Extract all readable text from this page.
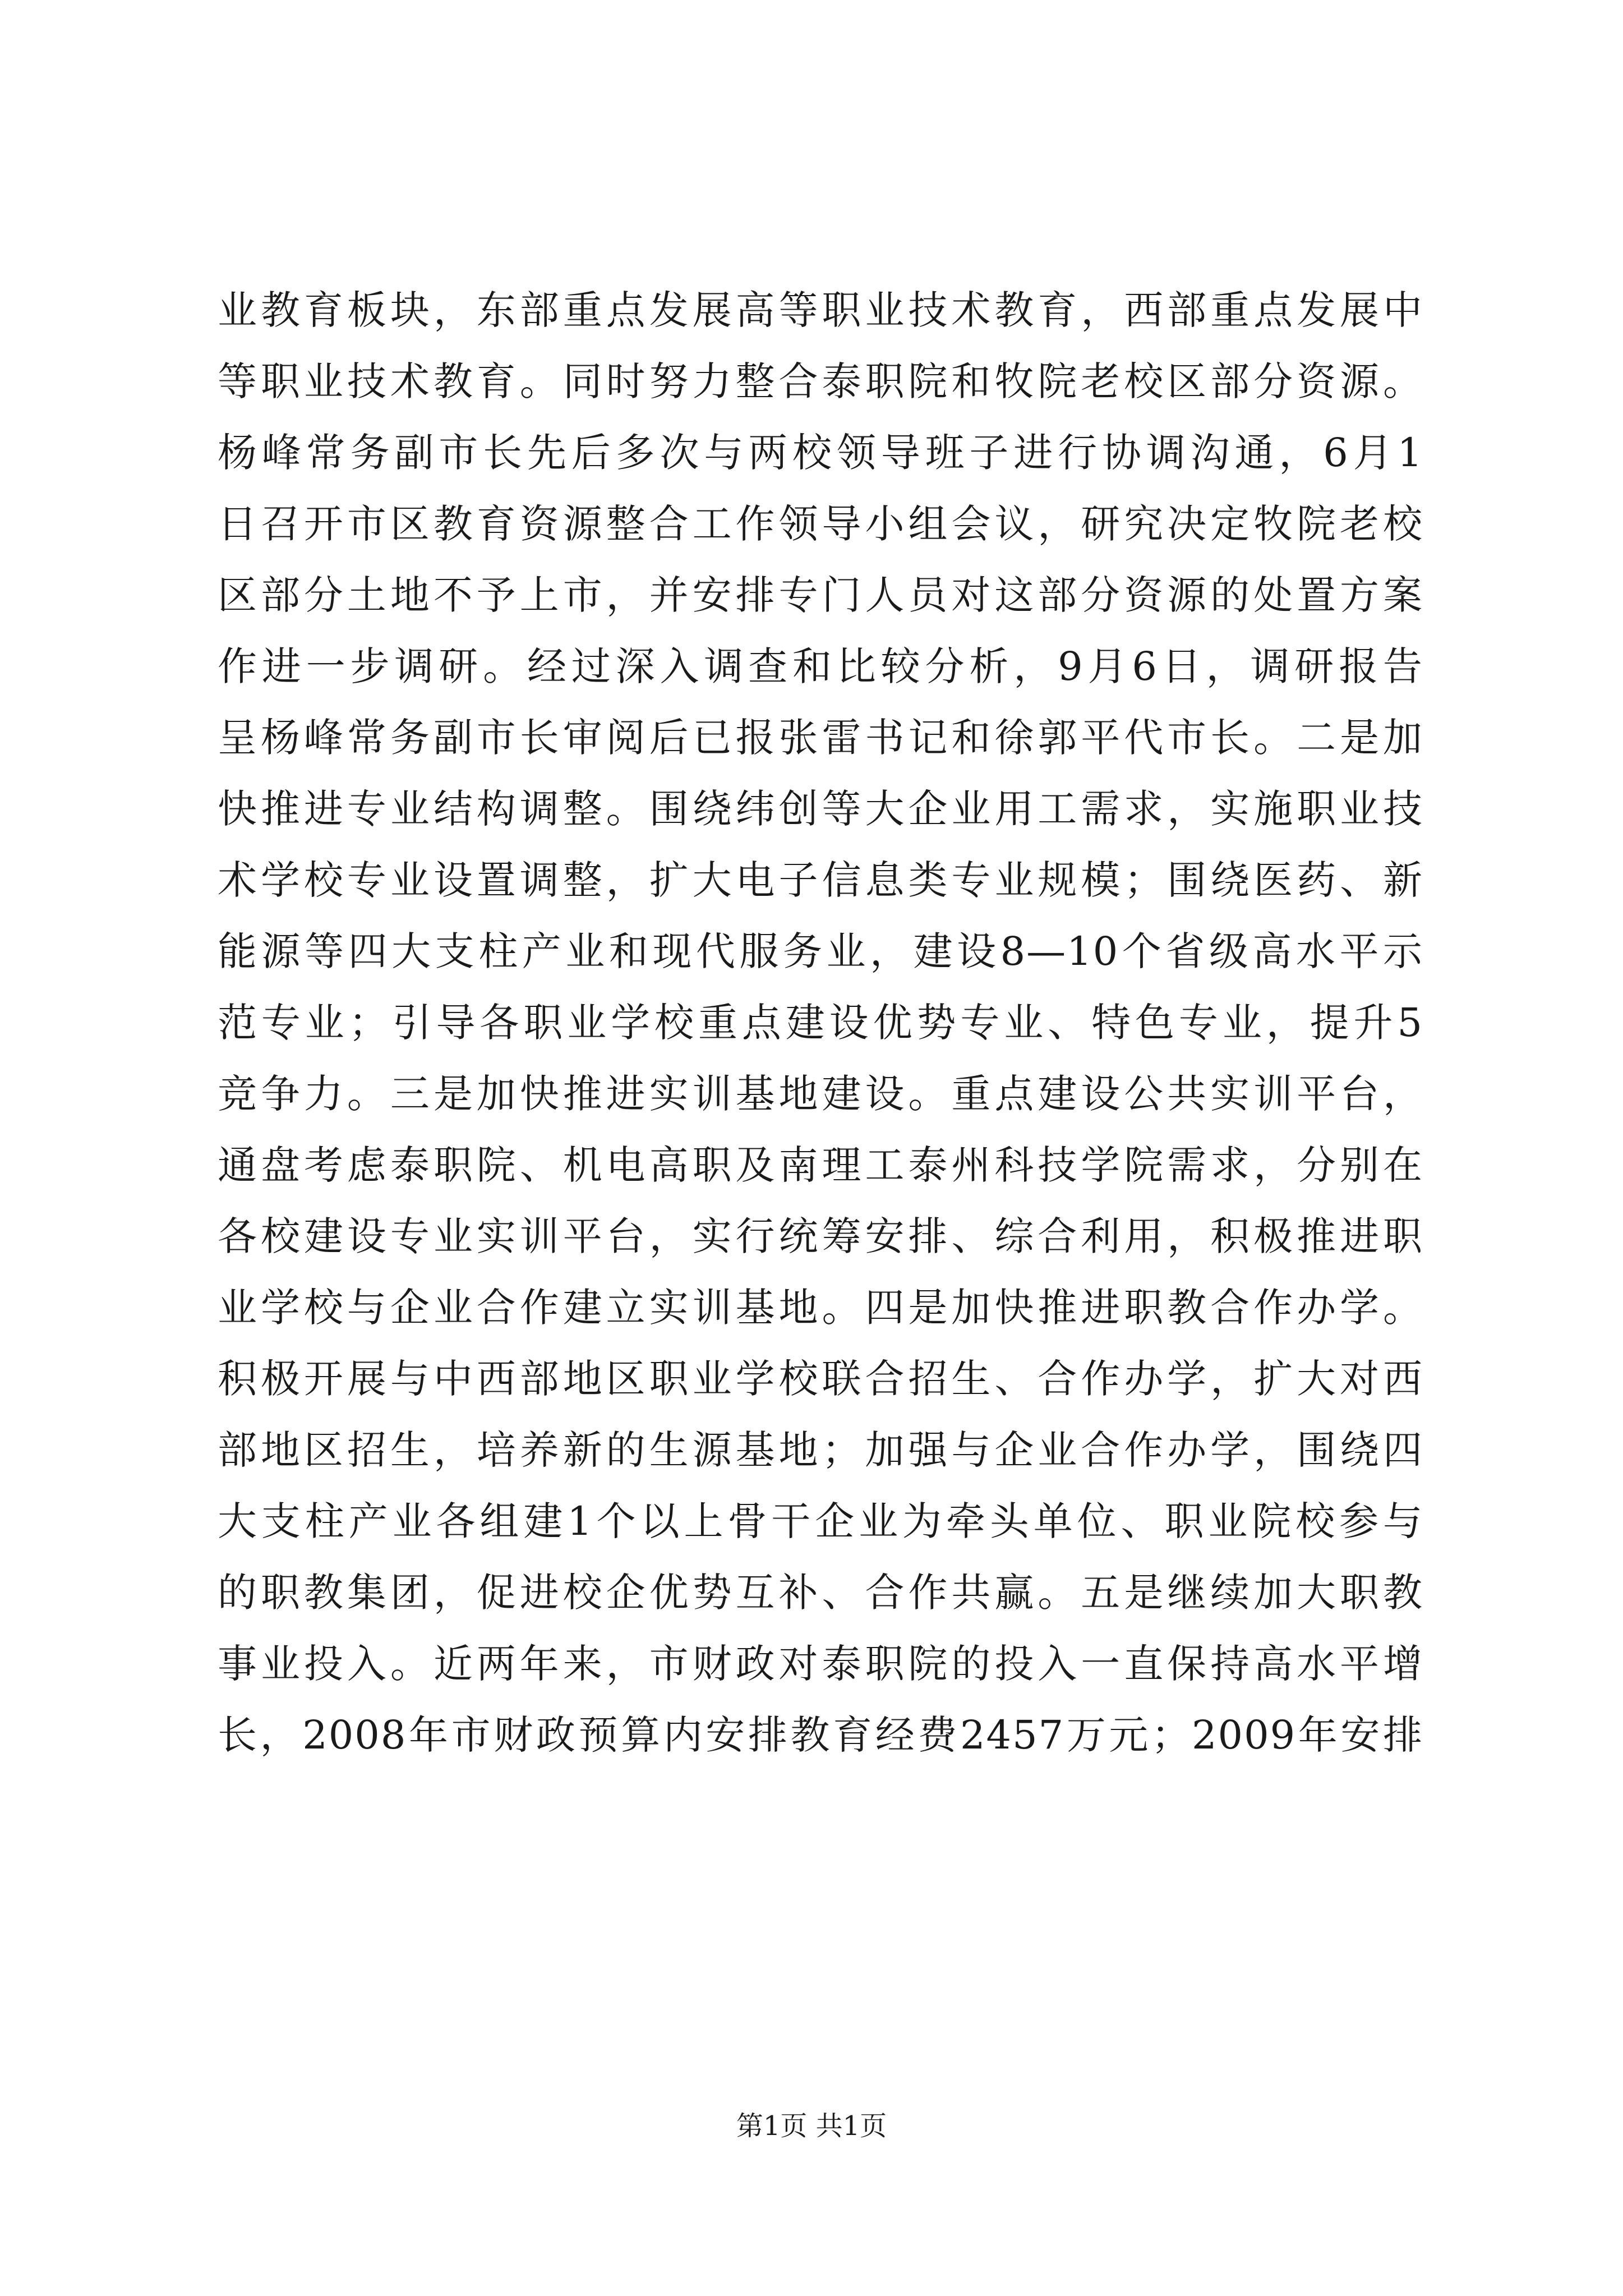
业教育板块，东部重点发展高等职业技术教育，西部重点发展中
等职业技术教育。同时努力整合泰职院和牧院老校区部分资源。
杨峰常务副市长先后多次与两校领导班子进行协调沟通，6月1
日召开市区教育资源整合工作领导小组会议，研究决定牧院老校
区部分土地不予上市，并安排专门人员对这部分资源的处置方案
作进一步调研。经过深入调查和比较分析，9月6日，调研报告
呈杨峰常务副市长审阅后已报张雷书记和徐郭平代市长。二是加
快推进专业结构调整。围绕纬创等大企业用工需求，实施职业技
术学校专业设置调整，扩大电子信息类专业规模；围绕医药、新
能源等四大支柱产业和现代服务业，建设8—10个省级高水平示
范专业；引导各职业学校重点建设优势专业、特色专业，提升5
竞争力。三是加快推进实训基地建设。重点建设公共实训平台，
通盘考虑泰职院、机电高职及南理工泰州科技学院需求，分别在
各校建设专业实训平台，实行统筹安排、综合利用，积极推进职
业学校与企业合作建立实训基地。四是加快推进职教合作办学。
积极开展与中西部地区职业学校联合招生、合作办学，扩大对西
部地区招生，培养新的生源基地；加强与企业合作办学，围绕四
大支柱产业各组建1个以上骨干企业为牵头单位、职业院校参与
的职教集团，促进校企优势互补、合作共赢。五是继续加大职教
事业投入。近两年来，市财政对泰职院的投入一直保持高水平增
长，2008年市财政预算内安排教育经费2457万元；2009年安排
第1页 共1页
